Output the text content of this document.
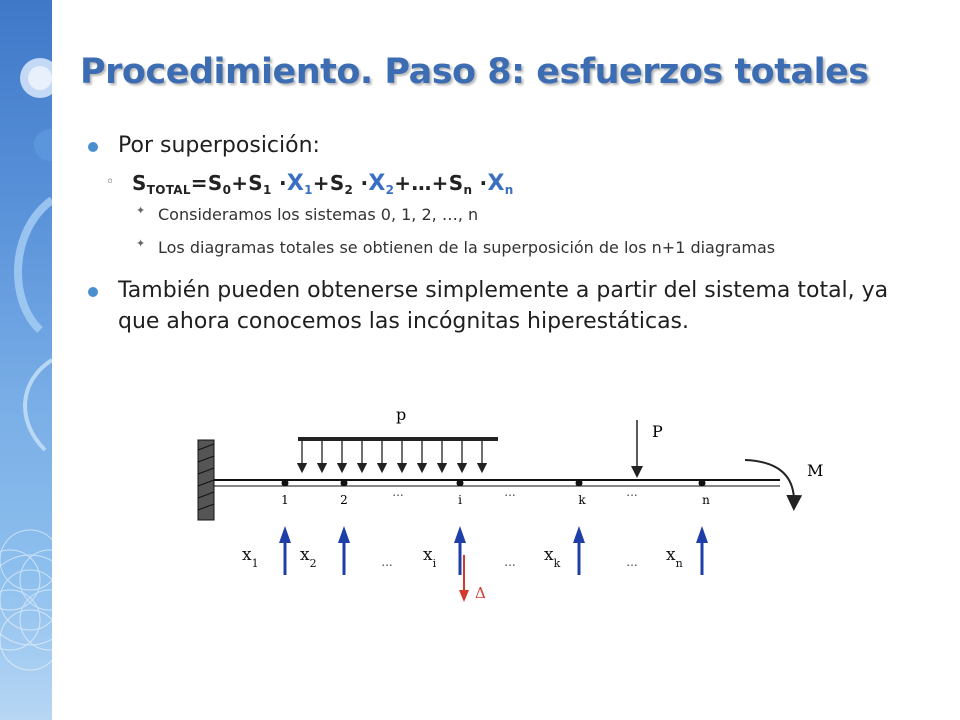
Procedimiento. Paso 8: esfuerzos totales
Por superposición:
◦ $S_{TOTAL}=S_0+S_1 \cdot X_1+S_2$ $\cdot X_2+\dots+S_n \cdot X_n$
✦ Consideramos los sistemas 0, 1, 2, …, n
✦ Los diagramas totales se obtienen de la superposición de los n+1 diagramas
También pueden obtenerse simplemente a partir del sistema total, ya que ahora conocemos las incógnitas hiperestáticas.
p
P
M
1	2	i	k	n
...	...	...
$x_1$ $x_2$	$x_i$	$x_k$	$x_n$
...	...	...
Δ
